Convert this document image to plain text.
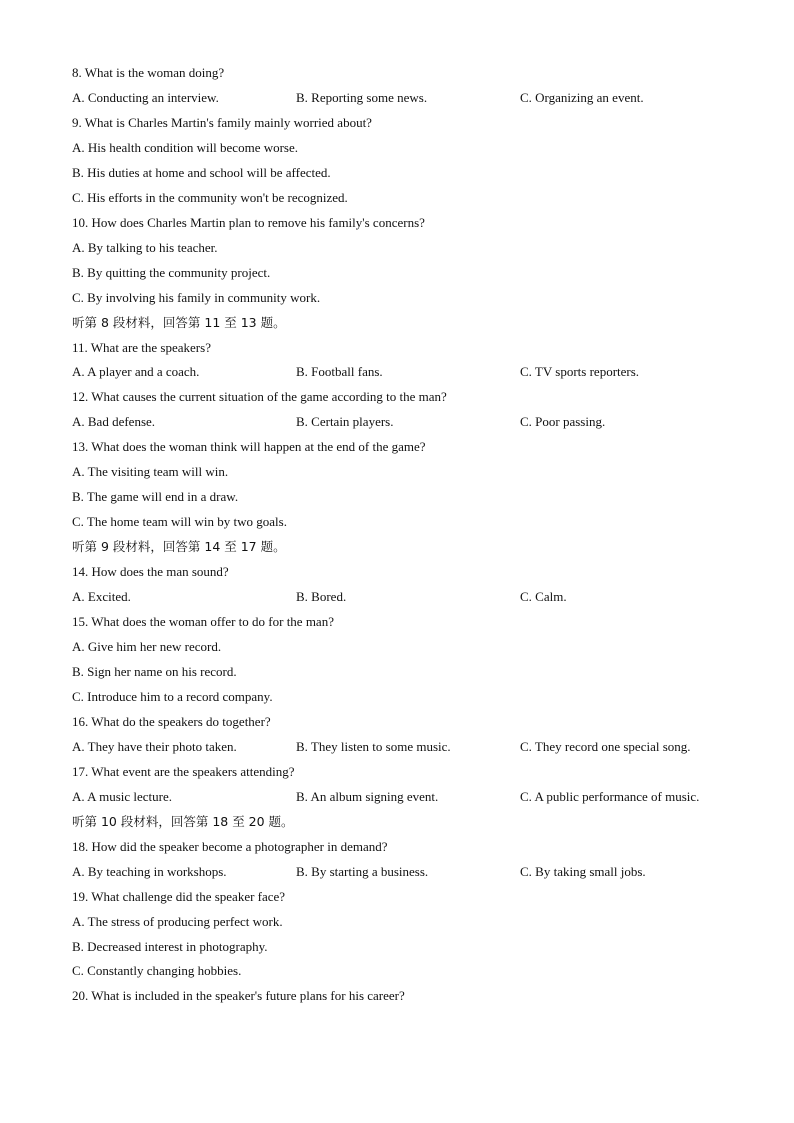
8. What is the woman doing?
A. Conducting an interview.	B. Reporting some news.	C. Organizing an event.
9. What is Charles Martin's family mainly worried about?
A. His health condition will become worse.
B. His duties at home and school will be affected.
C. His efforts in the community won't be recognized.
10. How does Charles Martin plan to remove his family's concerns?
A. By talking to his teacher.
B. By quitting the community project.
C. By involving his family in community work.
听第 8 段材料，回答第 11 至 13 题。
11. What are the speakers?
A. A player and a coach.	B. Football fans.	C. TV sports reporters.
12. What causes the current situation of the game according to the man?
A. Bad defense.	B. Certain players.	C. Poor passing.
13. What does the woman think will happen at the end of the game?
A. The visiting team will win.
B. The game will end in a draw.
C. The home team will win by two goals.
听第 9 段材料，回答第 14 至 17 题。
14. How does the man sound?
A. Excited.	B. Bored.	C. Calm.
15. What does the woman offer to do for the man?
A. Give him her new record.
B. Sign her name on his record.
C. Introduce him to a record company.
16. What do the speakers do together?
A. They have their photo taken.	B. They listen to some music.	C. They record one special song.
17. What event are the speakers attending?
A. A music lecture.	B. An album signing event.	C. A public performance of music.
听第 10 段材料，回答第 18 至 20 题。
18. How did the speaker become a photographer in demand?
A. By teaching in workshops.	B. By starting a business.	C. By taking small jobs.
19. What challenge did the speaker face?
A. The stress of producing perfect work.
B. Decreased interest in photography.
C. Constantly changing hobbies.
20. What is included in the speaker's future plans for his career?
